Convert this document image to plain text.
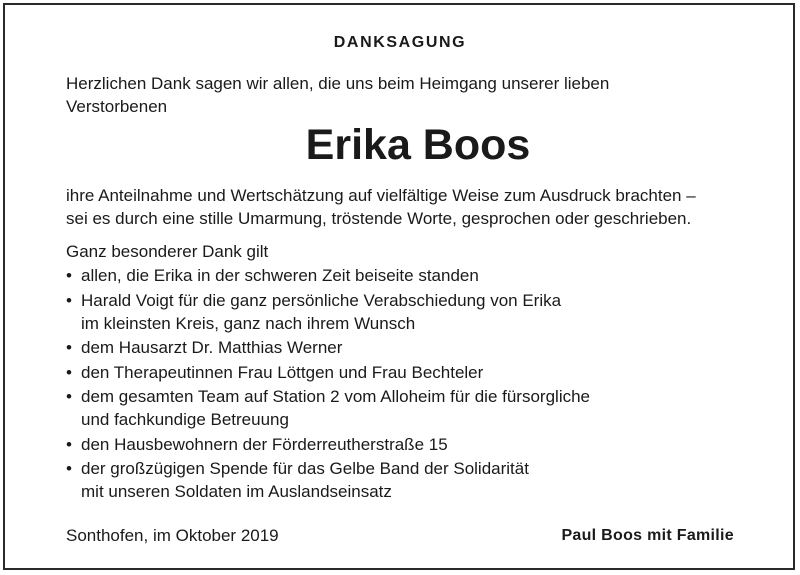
DANKSAGUNG
Herzlichen Dank sagen wir allen, die uns beim Heimgang unserer lieben
Verstorbenen
Erika Boos
ihre Anteilnahme und Wertschätzung auf vielfältige Weise zum Ausdruck brachten –
sei es durch eine stille Umarmung, tröstende Worte, gesprochen oder geschrieben.
Ganz besonderer Dank gilt
• allen, die Erika in der schweren Zeit beiseite standen
• Harald Voigt für die ganz persönliche Verabschiedung von Erika
im kleinsten Kreis, ganz nach ihrem Wunsch
• dem Hausarzt Dr. Matthias Werner
• den Therapeutinnen Frau Löttgen und Frau Bechteler
• dem gesamten Team auf Station 2 vom Alloheim für die fürsorgliche
und fachkundige Betreuung
• den Hausbewohnern der Förderreutherstraße 15
• der großzügigen Spende für das Gelbe Band der Solidarität
mit unseren Soldaten im Auslandseinsatz
Sonthofen, im Oktober 2019	Paul Boos mit Familie
